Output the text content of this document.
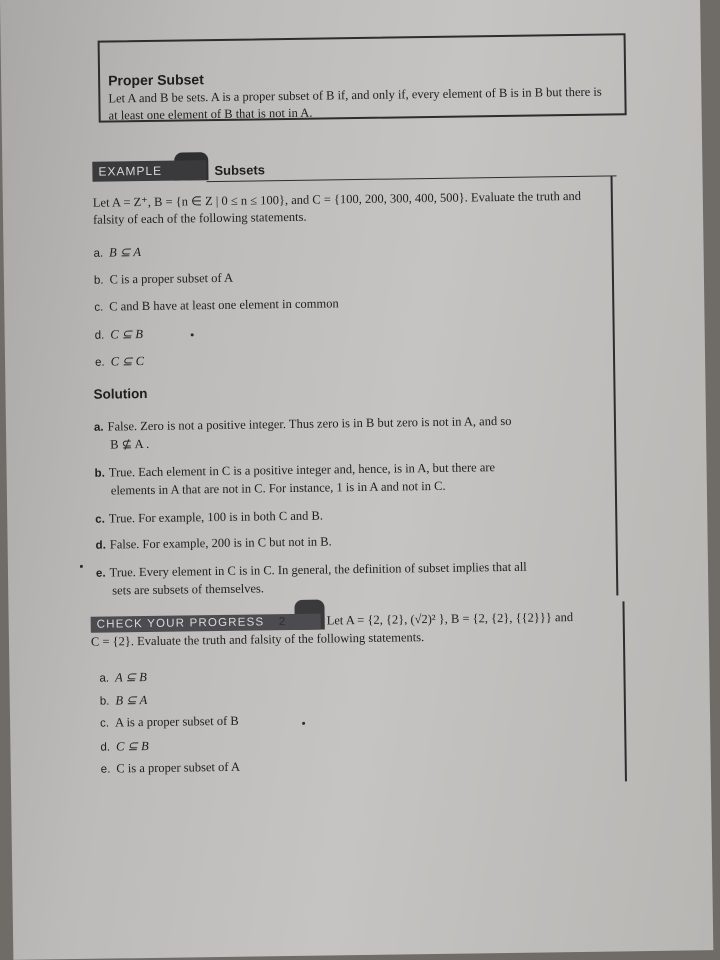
Proper Subset
Let A and B be sets. A is a proper subset of B if, and only if, every element of B is in B but there is at least one element of B that is not in A.
EXAMPLE	Subsets
Let A = Z⁺, B = {n ∈ Z | 0 ≤ n ≤ 100}, and C = {100, 200, 300, 400, 500}. Evaluate the truth and falsity of each of the following statements.
a. B ⊆ A
b. C is a proper subset of A
c. C and B have at least one element in common
d. C ⊆ B
e. C ⊆ C
Solution
a. False. Zero is not a positive integer. Thus zero is in B but zero is not in A, and so
B ⊈ A .
b. True. Each element in C is a positive integer and, hence, is in A, but there are
elements in A that are not in C. For instance, 1 is in A and not in C.
c. True. For example, 100 is in both C and B.
d. False. For example, 200 is in C but not in B.
e. True. Every element in C is in C. In general, the definition of subset implies that all
sets are subsets of themselves.
CHECK YOUR PROGRESS 2	Let A = {2, {2}, (√2)² }, B = {2, {2}, {{2}}} and
C = {2}. Evaluate the truth and falsity of the following statements.
a. A ⊆ B
b. B ⊆ A
c. A is a proper subset of B
d. C ⊆ B
e. C is a proper subset of A
